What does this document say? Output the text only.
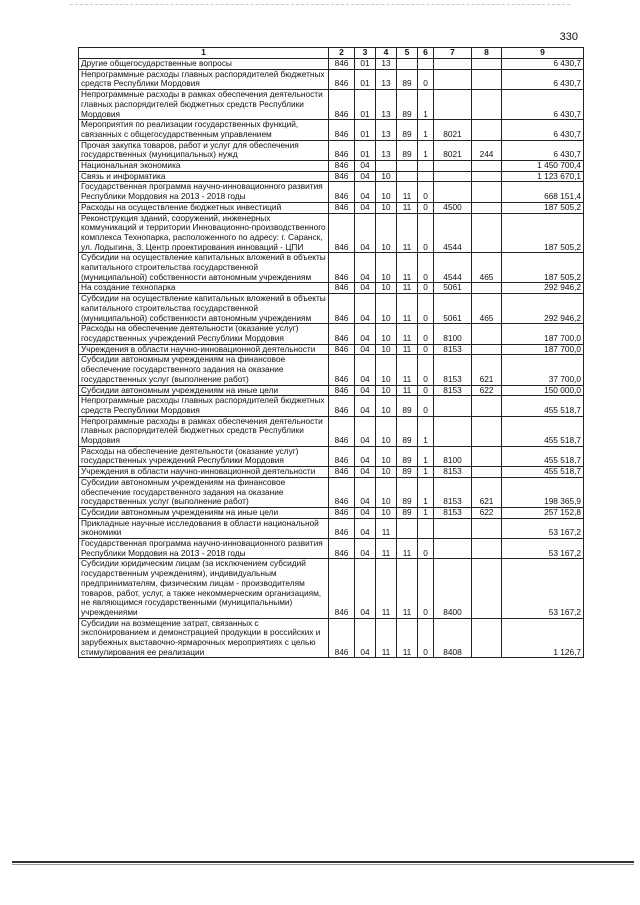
330
1	2	3	4	5	6	7	8	9
Другие общегосударственные вопросы	846	01	13					6 430,7
Непрограммные расходы главных распорядителей бюджетных средств Республики Мордовия	846	01	13	89	0			6 430,7
Непрограммные расходы в рамках обеспечения деятельности главных распорядителей бюджетных средств Республики Мордовия	846	01	13	89	1			6 430,7
Мероприятия по реализации государственных функций, связанных с общегосударственным управлением	846	01	13	89	1	8021		6 430,7
Прочая закупка товаров, работ и услуг для обеспечения государственных (муниципальных) нужд	846	01	13	89	1	8021	244	6 430,7
Национальная экономика	846	04						1 450 700,4
Связь и информатика	846	04	10					1 123 670,1
Государственная программа научно-инновационного развития Республики Мордовия на 2013 - 2018 годы	846	04	10	11	0			668 151,4
Расходы на осуществление бюджетных инвестиций	846	04	10	11	0	4500		187 505,2
Реконструкция зданий, сооружений, инженерных коммуникаций и территории Инновационно-производственного комплекса Технопарка, расположенного по адресу: г. Саранск, ул. Лодыгина, 3. Центр проектирования инноваций - ЦПИ	846	04	10	11	0	4544		187 505,2
Субсидии на осуществление капитальных вложений в объекты капитального строительства государственной (муниципальной) собственности автономным учреждениям	846	04	10	11	0	4544	465	187 505,2
На создание технопарка	846	04	10	11	0	5061		292 946,2
Субсидии на осуществление капитальных вложений в объекты капитального строительства государственной (муниципальной) собственности автономным учреждениям	846	04	10	11	0	5061	465	292 946,2
Расходы на обеспечение деятельности (оказание услуг) государственных учреждений Республики Мордовия	846	04	10	11	0	8100		187 700,0
Учреждения в области научно-инновационной деятельности	846	04	10	11	0	8153		187 700,0
Субсидии автономным учреждениям на финансовое обеспечение государственного задания на оказание государственных услуг (выполнение работ)	846	04	10	11	0	8153	621	37 700,0
Субсидии автономным учреждениям на иные цели	846	04	10	11	0	8153	622	150 000,0
Непрограммные расходы главных распорядителей бюджетных средств Республики Мордовия	846	04	10	89	0			455 518,7
Непрограммные расходы в рамках обеспечения деятельности главных распорядителей бюджетных средств Республики Мордовия	846	04	10	89	1			455 518,7
Расходы на обеспечение деятельности (оказание услуг) государственных учреждений Республики Мордовия	846	04	10	89	1	8100		455 518,7
Учреждения в области научно-инновационной деятельности	846	04	10	89	1	8153		455 518,7
Субсидии автономным учреждениям на финансовое обеспечение государственного задания на оказание государственных услуг (выполнение работ)	846	04	10	89	1	8153	621	198 365,9
Субсидии автономным учреждениям на иные цели	846	04	10	89	1	8153	622	257 152,8
Прикладные научные исследования в области национальной экономики	846	04	11					53 167,2
Государственная программа научно-инновационного развития Республики Мордовия на 2013 - 2018 годы	846	04	11	11	0			53 167,2
Субсидии юридическим лицам (за исключением субсидий государственным учреждениям), индивидуальным предпринимателям, физическим лицам - производителям товаров, работ, услуг, а также некоммерческим организациям, не являющимся государственными (муниципальными) учреждениями	846	04	11	11	0	8400		53 167,2
Субсидии на возмещение затрат, связанных с экспонированием и демонстрацией продукции в российских и зарубежных выставочно-ярмарочных мероприятиях с целью стимулирования ее реализации	846	04	11	11	0	8408		1 126,7
